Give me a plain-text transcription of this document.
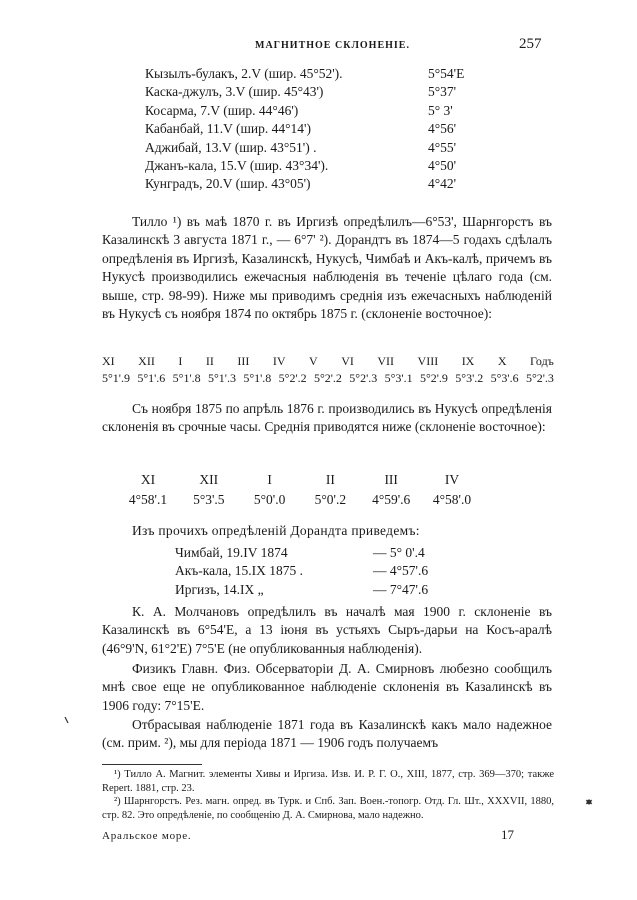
МАГНИТНОЕ СКЛОНЕНІЕ.	257
Кызылъ-булакъ, 2.V (шир. 45°52').	5°54'E
Каска-джулъ, 3.V (шир. 45°43')	5°37'
Косарма, 7.V (шир. 44°46')	5° 3'
Кабанбай, 11.V (шир. 44°14')	4°56'
Аджибай, 13.V (шир. 43°51') .	4°55'
Джанъ-кала, 15.V (шир. 43°34').	4°50'
Кунградъ, 20.V (шир. 43°05')	4°42'

Тилло ¹) въ маѣ 1870 г. въ Иргизѣ опредѣлилъ—6°53', Шарнгорстъ въ Казалинскѣ 3 августа 1871 г., — 6°7' ²). Дорандтъ въ 1874—5 годахъ сдѣлалъ опредѣленія въ Иргизѣ, Казалинскѣ, Нукусѣ, Чимбаѣ и Акъ-калѣ, причемъ въ Нукусѣ производились ежечасныя наблюденія въ теченіе цѣлаго года (см. выше, стр. 98-99). Ниже мы приводимъ среднія изъ ежечасныхъ наблюденій въ Нукусѣ съ ноября 1874 по октябрь 1875 г. (склоненіе восточное):

XI XII I II III IV V VI VII VIII IX X Годъ
5°1'.9 5°1'.6 5°1'.8 5°1'.3 5°1'.8 5°2'.2 5°2'.2 5°2'.3 5°3'.1 5°2'.9 5°3'.2 5°3'.6 5°2'.3

Съ ноября 1875 по апрѣль 1876 г. производились въ Нукусѣ опредѣленія склоненія въ срочные часы. Среднія приводятся ниже (склоненіе восточное):

XI	XII	I	II	III	IV
4°58'.1	5°3'.5	5°0'.0	5°0'.2	4°59'.6	4°58'.0
Изъ прочихъ опредѣленій Дорандта приведемъ:
Чимбай, 19.IV 1874	— 5° 0'.4
Акъ-кала, 15.IX 1875 .	— 4°57'.6
Иргизъ, 14.IX „	— 7°47'.6

К. А. Молчановъ опредѣлилъ въ началѣ мая 1900 г. склоненіе въ Казалинскѣ въ 6°54'E, а 13 іюня въ устьяхъ Сыръ-дарьи на Косъ-аралѣ (46°9'N, 61°2'E) 7°5'E (не опубликованныя наблюденія).

Физикъ Главн. Физ. Обсерваторіи Д. А. Смирновъ любезно сообщилъ мнѣ свое еще не опубликованное наблюденіе склоненія въ Казалинскѣ въ 1906 году: 7°15'E.

Отбрасывая наблюденіе 1871 года въ Казалинскѣ какъ мало надежное (см. прим. ²), мы для періода 1871 — 1906 годъ получаемъ

¹) Тилло А. Магнит. элементы Хивы и Иргиза. Изв. И. Р. Г. О., XIII, 1877, стр. 369—370; также Repert. 1881, стр. 23.

²) Шарнгорстъ. Рез. магн. опред. въ Турк. и Спб. Зап. Воен.-топогр. Отд. Гл. Шт., XXXVII, 1880, стр. 82. Это опредѣленіе, по сообщенію Д. А. Смирнова, мало надежно.

Аральское море.	17
